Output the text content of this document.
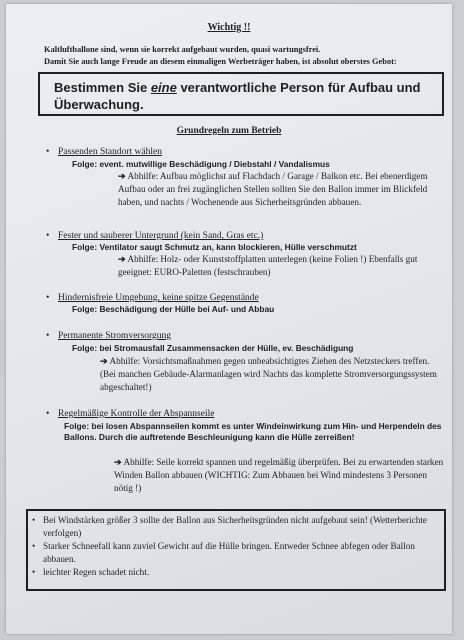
Wichtig !!
Kaltluftballone sind, wenn sie korrekt aufgebaut wurden, quasi wartungsfrei.
Damit Sie auch lange Freude an diesem einmaligen Werbeträger haben, ist absolut oberstes Gebot:
Bestimmen Sie eine verantwortliche Person für Aufbau und Überwachung.
Grundregeln zum Betrieb
• Passenden Standort wählen
Folge: event. mutwillige Beschädigung / Diebstahl / Vandalismus
➔ Abhilfe: Aufbau möglichst auf Flachdach / Garage / Balkon etc. Bei ebenerdigem Aufbau oder an frei zugänglichen Stellen sollten Sie den Ballon immer im Blickfeld haben, und nachts / Wochenende aus Sicherheitsgründen abbauen.
• Fester und sauberer Untergrund (kein Sand, Gras etc.)
Folge: Ventilator saugt Schmutz an, kann blockieren, Hülle verschmutzt
➔ Abhilfe: Holz- oder Kunststoffplatten unterlegen (keine Folien !) Ebenfalls gut geeignet: EURO-Paletten (festschrauben)
• Hindernisfreie Umgebung, keine spitze Gegenstände
Folge: Beschädigung der Hülle bei Auf- und Abbau
• Permanente Stromversorgung
Folge: bei Stromausfall Zusammensacken der Hülle, ev. Beschädigung
➔ Abhilfe: Vorsichtsmaßnahmen gegen unbeabsichtigtes Ziehen des Netzsteckers treffen. (Bei manchen Gebäude-Alarmanlagen wird Nachts das komplette Stromversorgungssystem abgeschaltet!)
• Regelmäßige Kontrolle der Abspannseile
Folge: bei losen Abspannseilen kommt es unter Windeinwirkung zum Hin- und Herpendeln des Ballons. Durch die auftretende Beschleunigung kann die Hülle zerreißen!
➔ Abhilfe: Seile korrekt spannen und regelmäßig überprüfen. Bei zu erwartenden starken Winden Ballon abbauen (WICHTIG: Zum Abbauen bei Wind mindestens 3 Personen nötig !)
• Bei Windstärken größer 3 sollte der Ballon aus Sicherheitsgründen nicht aufgebaut sein! (Wetterberichte verfolgen)
• Starker Schneefall kann zuviel Gewicht auf die Hülle bringen. Entweder Schnee abfegen oder Ballon abbauen.
• leichter Regen schadet nicht.
